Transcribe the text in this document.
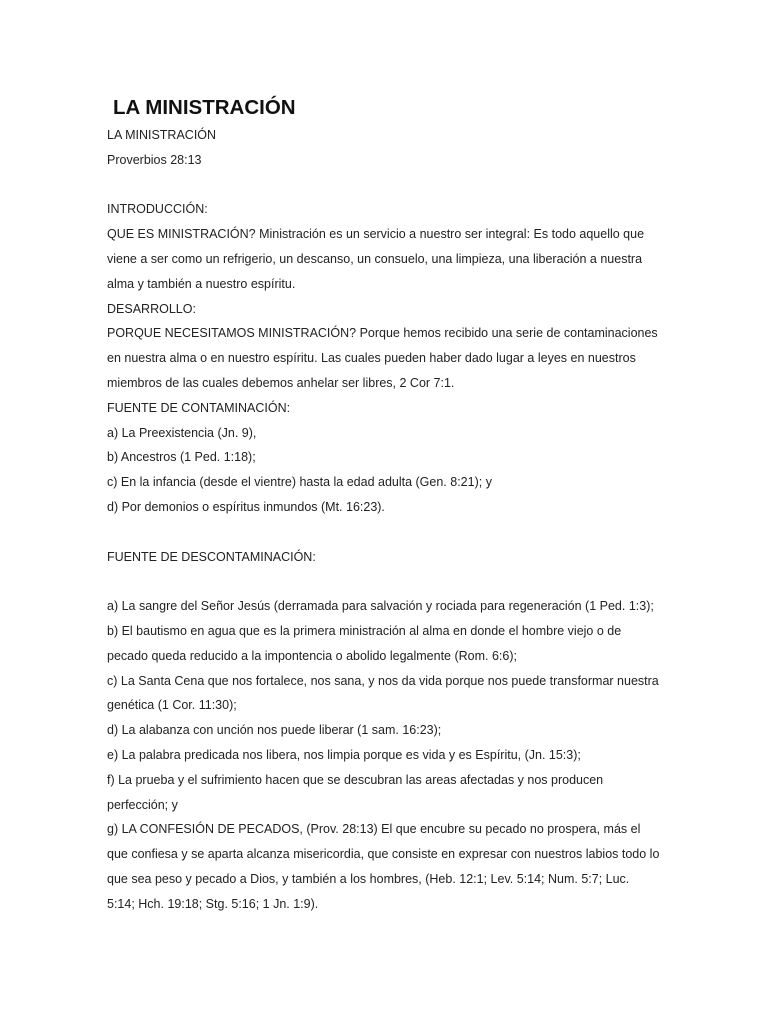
LA MINISTRACIÓN
LA MINISTRACIÓN
Proverbios 28:13
INTRODUCCIÓN:
QUE ES MINISTRACIÓN? Ministración es un servicio a nuestro ser integral: Es todo aquello que
viene a ser como un refrigerio, un descanso, un consuelo, una limpieza, una liberación a nuestra
alma y también a nuestro espíritu.
DESARROLLO:
PORQUE NECESITAMOS MINISTRACIÓN? Porque hemos recibido una serie de contaminaciones
en nuestra alma o en nuestro espíritu. Las cuales pueden haber dado lugar a leyes en nuestros
miembros de las cuales debemos anhelar ser libres, 2 Cor 7:1.
FUENTE DE CONTAMINACIÓN:
a) La Preexistencia (Jn. 9),
b) Ancestros (1 Ped. 1:18);
c) En la infancia (desde el vientre) hasta la edad adulta (Gen. 8:21); y
d) Por demonios o espíritus inmundos (Mt. 16:23).
FUENTE DE DESCONTAMINACIÓN:
a) La sangre del Señor Jesús (derramada para salvación y rociada para regeneración (1 Ped. 1:3);
b) El bautismo en agua que es la primera ministración al alma en donde el hombre viejo o de
pecado queda reducido a la impontencia o abolido legalmente (Rom. 6:6);
c) La Santa Cena que nos fortalece, nos sana, y nos da vida porque nos puede transformar nuestra
genética (1 Cor. 11:30);
d) La alabanza con unción nos puede liberar (1 sam. 16:23);
e) La palabra predicada nos libera, nos limpia porque es vida y es Espíritu, (Jn. 15:3);
f) La prueba y el sufrimiento hacen que se descubran las areas afectadas y nos producen
perfección; y
g) LA CONFESIÓN DE PECADOS, (Prov. 28:13) El que encubre su pecado no prospera, más el
que confiesa y se aparta alcanza misericordia, que consiste en expresar con nuestros labios todo lo
que sea peso y pecado a Dios, y también a los hombres, (Heb. 12:1; Lev. 5:14; Num. 5:7; Luc.
5:14; Hch. 19:18; Stg. 5:16; 1 Jn. 1:9).
